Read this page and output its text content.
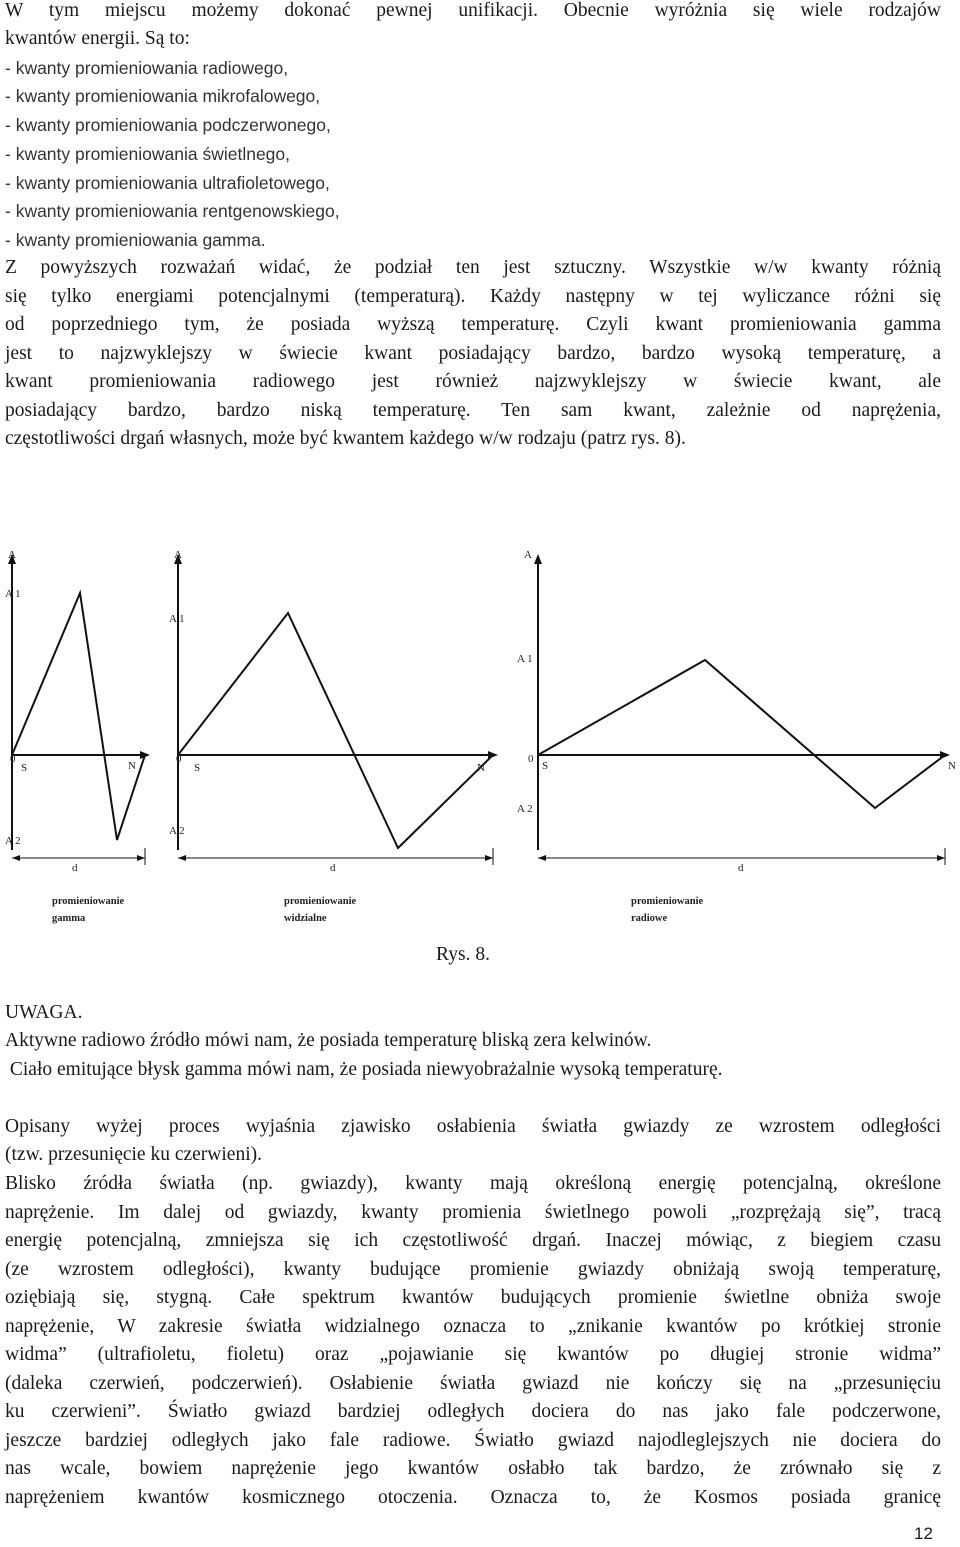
W tym miejscu możemy dokonać pewnej unifikacji. Obecnie wyróżnia się wiele rodzajów
kwantów energii. Są to:
- kwanty promieniowania radiowego,
- kwanty promieniowania mikrofalowego,
- kwanty promieniowania podczerwonego,
- kwanty promieniowania świetlnego,
- kwanty promieniowania ultrafioletowego,
- kwanty promieniowania rentgenowskiego,
- kwanty promieniowania gamma.
Z powyższych rozważań widać, że podział ten jest sztuczny. Wszystkie w/w kwanty różnią
się tylko energiami potencjalnymi (temperaturą). Każdy następny w tej wyliczance różni się
od poprzedniego tym, że posiada wyższą temperaturę. Czyli kwant promieniowania gamma
jest to najzwyklejszy w świecie kwant posiadający bardzo, bardzo wysoką temperaturę, a
kwant promieniowania radiowego jest również najzwyklejszy w świecie kwant, ale
posiadający bardzo, bardzo niską temperaturę. Ten sam kwant, zależnie od naprężenia,
częstotliwości drgań własnych, może być kwantem każdego w/w rodzaju (patrz rys. 8).
A
A 1
0
S	N
A 2
d
promieniowanie
gamma
A
A 1
0
S	N
A 2
d
promieniowanie
widzialne
A
A 1
0
S	N
A 2
d
promieniowanie
radiowe
Rys. 8.
UWAGA.
Aktywne radiowo źródło mówi nam, że posiada temperaturę bliską zera kelwinów.
Ciało emitujące błysk gamma mówi nam, że posiada niewyobrażalnie wysoką temperaturę.
Opisany wyżej proces wyjaśnia zjawisko osłabienia światła gwiazdy ze wzrostem odległości
(tzw. przesunięcie ku czerwieni).
Blisko źródła światła (np. gwiazdy), kwanty mają określoną energię potencjalną, określone
naprężenie. Im dalej od gwiazdy, kwanty promienia świetlnego powoli „rozprężają się”, tracą
energię potencjalną, zmniejsza się ich częstotliwość drgań. Inaczej mówiąc, z biegiem czasu
(ze wzrostem odległości), kwanty budujące promienie gwiazdy obniżają swoją temperaturę,
oziębiają się, stygną. Całe spektrum kwantów budujących promienie świetlne obniża swoje
naprężenie, W zakresie światła widzialnego oznacza to „znikanie kwantów po krótkiej stronie
widma” (ultrafioletu, fioletu) oraz „pojawianie się kwantów po długiej stronie widma”
(daleka czerwień, podczerwień). Osłabienie światła gwiazd nie kończy się na „przesunięciu
ku czerwieni”. Światło gwiazd bardziej odległych dociera do nas jako fale podczerwone,
jeszcze bardziej odległych jako fale radiowe. Światło gwiazd najodleglejszych nie dociera do
nas wcale, bowiem naprężenie jego kwantów osłabło tak bardzo, że zrównało się z
naprężeniem kwantów kosmicznego otoczenia. Oznacza to, że Kosmos posiada granicę
12
